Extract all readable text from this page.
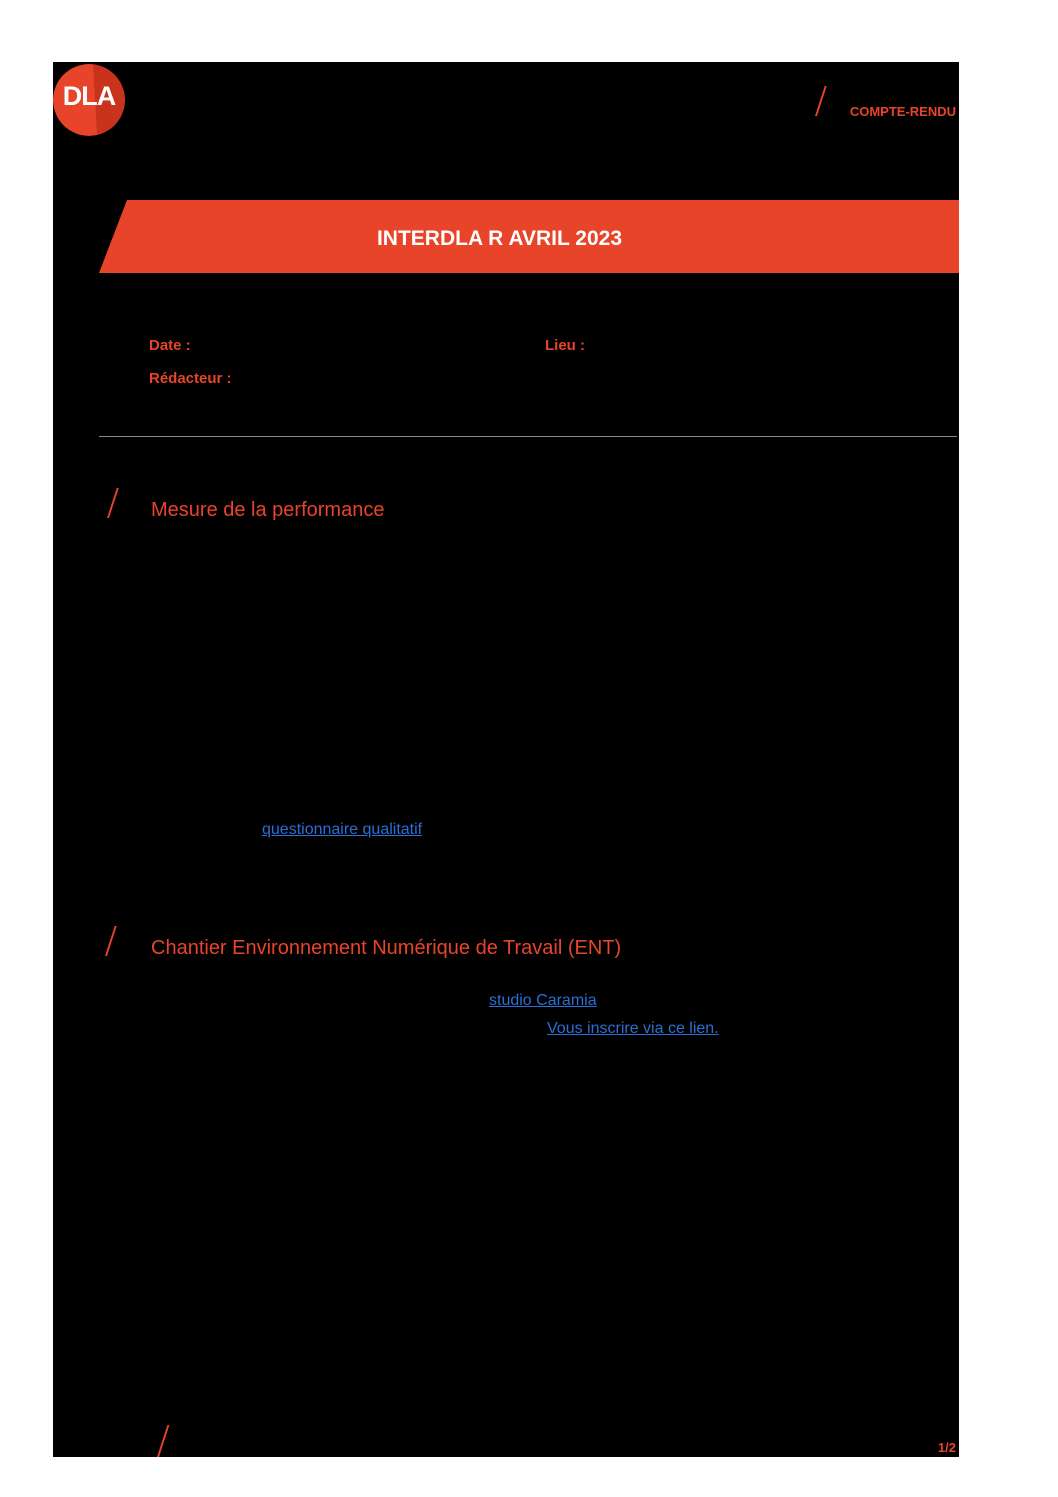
DLA
COMPTE-RENDU
INTERDLA R AVRIL 2023
Date :	Lieu :
Rédacteur :
Mesure de la performance
questionnaire qualitatif
Chantier Environnement Numérique de Travail (ENT)
studio Caramia
Vous inscrire via ce lien.
1/2
